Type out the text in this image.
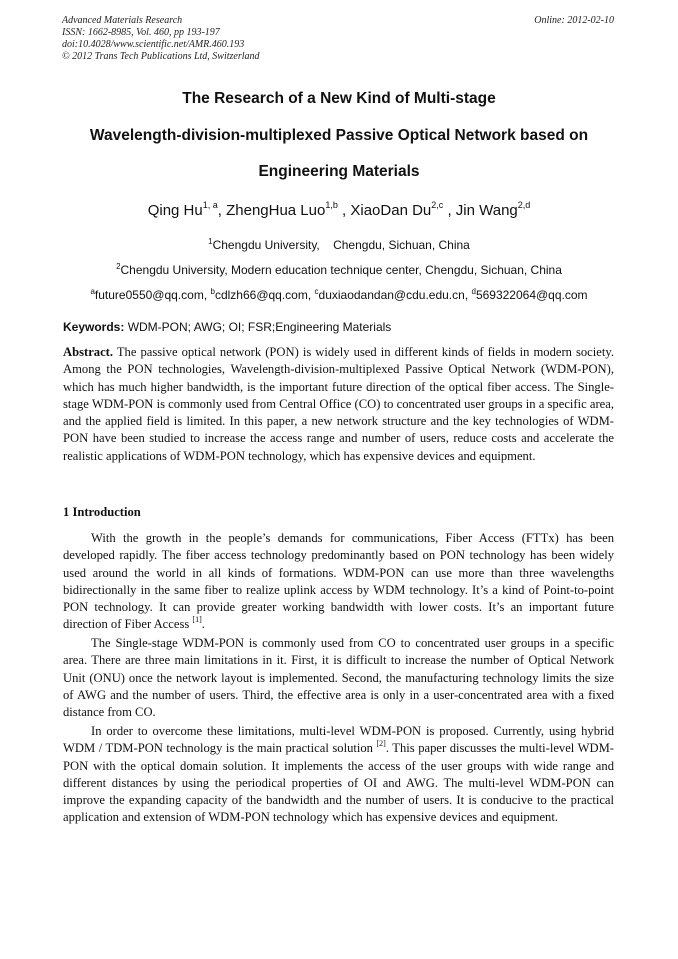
Advanced Materials Research
ISSN: 1662-8985, Vol. 460, pp 193-197
doi:10.4028/www.scientific.net/AMR.460.193
© 2012 Trans Tech Publications Ltd, Switzerland
Online: 2012-02-10
The Research of a New Kind of Multi-stage
Wavelength-division-multiplexed Passive Optical Network based on
Engineering Materials
Qing Hu$^{1, a}$, ZhengHua Luo$^{1,b}$ , XiaoDan Du$^{2,c}$ , Jin Wang$^{2,d}$
$^1$Chengdu University,    Chengdu, Sichuan, China
$^2$Chengdu University, Modern education technique center, Chengdu, Sichuan, China
$^a$future0550@qq.com, $^b$cdlzh66@qq.com, $^c$duxiaodandan@cdu.edu.cn, $^d$569322064@qq.com
Keywords: WDM-PON; AWG; OI; FSR;Engineering Materials
Abstract. The passive optical network (PON) is widely used in different kinds of fields in modern society. Among the PON technologies, Wavelength-division-multiplexed Passive Optical Network (WDM-PON), which has much higher bandwidth, is the important future direction of the optical fiber access. The Single-stage WDM-PON is commonly used from Central Office (CO) to concentrated user groups in a specific area, and the applied field is limited. In this paper, a new network structure and the key technologies of WDM-PON have been studied to increase the access range and number of users, reduce costs and accelerate the realistic applications of WDM-PON technology, which has expensive devices and equipment.
1 Introduction
With the growth in the people’s demands for communications, Fiber Access (FTTx) has been developed rapidly. The fiber access technology predominantly based on PON technology has been widely used around the world in all kinds of formations. WDM-PON can use more than three wavelengths bidirectionally in the same fiber to realize uplink access by WDM technology. It’s a kind of Point-to-point PON technology. It can provide greater working bandwidth with lower costs. It’s an important future direction of Fiber Access [1].
The Single-stage WDM-PON is commonly used from CO to concentrated user groups in a specific area. There are three main limitations in it. First, it is difficult to increase the number of Optical Network Unit (ONU) once the network layout is implemented. Second, the manufacturing technology limits the size of AWG and the number of users. Third, the effective area is only in a user-concentrated area with a fixed distance from CO.
In order to overcome these limitations, multi-level WDM-PON is proposed. Currently, using hybrid WDM / TDM-PON technology is the main practical solution [2]. This paper discusses the multi-level WDM-PON with the optical domain solution. It implements the access of the user groups with wide range and different distances by using the periodical properties of OI and AWG. The multi-level WDM-PON can improve the expanding capacity of the bandwidth and the number of users. It is conducive to the practical application and extension of WDM-PON technology which has expensive devices and equipment.
